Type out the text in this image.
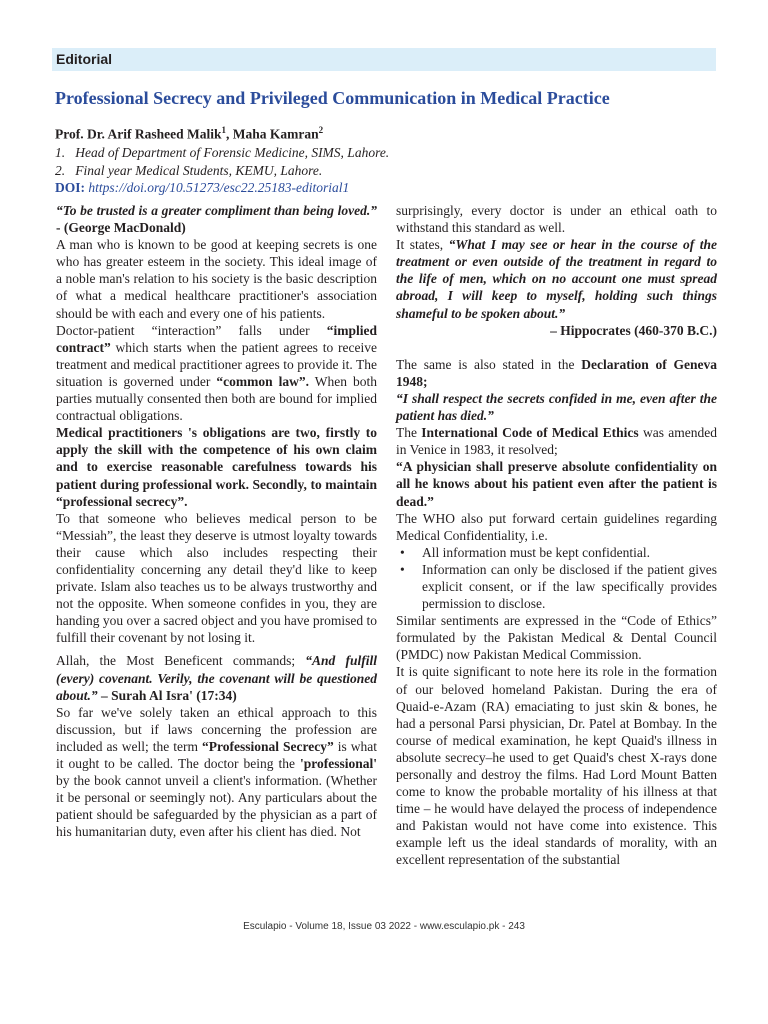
Editorial
Professional Secrecy and Privileged Communication in Medical Practice
Prof. Dr. Arif Rasheed Malik$^1$, Maha Kamran$^2$
1. Head of Department of Forensic Medicine, SIMS, Lahore.
2. Final year Medical Students, KEMU, Lahore.
DOI: https://doi.org/10.51273/esc22.25183-editorial1

“To be trusted is a greater compliment than being loved.” - (George MacDonald)

A man who is known to be good at keeping secrets is one who has greater esteem in the society. This ideal image of a noble man's relation to his society is the basic description of what a medical healthcare practitioner's association should be with each and every one of his patients.

Doctor-patient “interaction” falls under “implied contract” which starts when the patient agrees to receive treatment and medical practitioner agrees to provide it. The situation is governed under “common law”. When both parties mutually consented then both are bound for implied contractual obligations.

Medical practitioners 's obligations are two, firstly to apply the skill with the competence of his own claim and to exercise reasonable carefulness towards his patient during professional work. Secondly, to maintain “professional secrecy”.

To that someone who believes medical person to be “Messiah”, the least they deserve is utmost loyalty towards their cause which also includes respecting their confidentiality concerning any detail they'd like to keep private. Islam also teaches us to be always trustworthy and not the opposite. When someone confides in you, they are handing you over a sacred object and you have promised to fulfill their covenant by not losing it.

Allah, the Most Beneficent commands; “And fulfill (every) covenant. Verily, the covenant will be questioned about.” – Surah Al Isra' (17:34)

So far we've solely taken an ethical approach to this discussion, but if laws concerning the profession are included as well; the term “Professional Secrecy” is what it ought to be called. The doctor being the 'professional' by the book cannot unveil a client's information. (Whether it be personal or seemingly not). Any particulars about the patient should be safeguarded by the physician as a part of his humanitarian duty, even after his client has died. Not

surprisingly, every doctor is under an ethical oath to withstand this standard as well.

It states, “What I may see or hear in the course of the treatment or even outside of the treatment in regard to the life of men, which on no account one must spread abroad, I will keep to myself, holding such things shameful to be spoken about.”

– Hippocrates (460-370 B.C.)

The same is also stated in the Declaration of Geneva 1948;

“I shall respect the secrets confided in me, even after the patient has died.”

The International Code of Medical Ethics was amended in Venice in 1983, it resolved;

“A physician shall preserve absolute confidentiality on all he knows about his patient even after the patient is dead.”

The WHO also put forward certain guidelines regarding Medical Confidentiality, i.e.

• All information must be kept confidential.
• Information can only be disclosed if the patient gives explicit consent, or if the law specifically provides permission to disclose.

Similar sentiments are expressed in the “Code of Ethics” formulated by the Pakistan Medical & Dental Council (PMDC) now Pakistan Medical Commission.

It is quite significant to note here its role in the formation of our beloved homeland Pakistan. During the era of Quaid-e-Azam (RA) emaciating to just skin & bones, he had a personal Parsi physician, Dr. Patel at Bombay. In the course of medical examination, he kept Quaid's illness in absolute secrecy–he used to get Quaid's chest X-rays done personally and destroy the films. Had Lord Mount Batten come to know the probable mortality of his illness at that time – he would have delayed the process of independence and Pakistan would not have come into existence. This example left us the ideal standards of morality, with an excellent representation of the substantial

Esculapio - Volume 18, Issue 03 2022 - www.esculapio.pk - 243
